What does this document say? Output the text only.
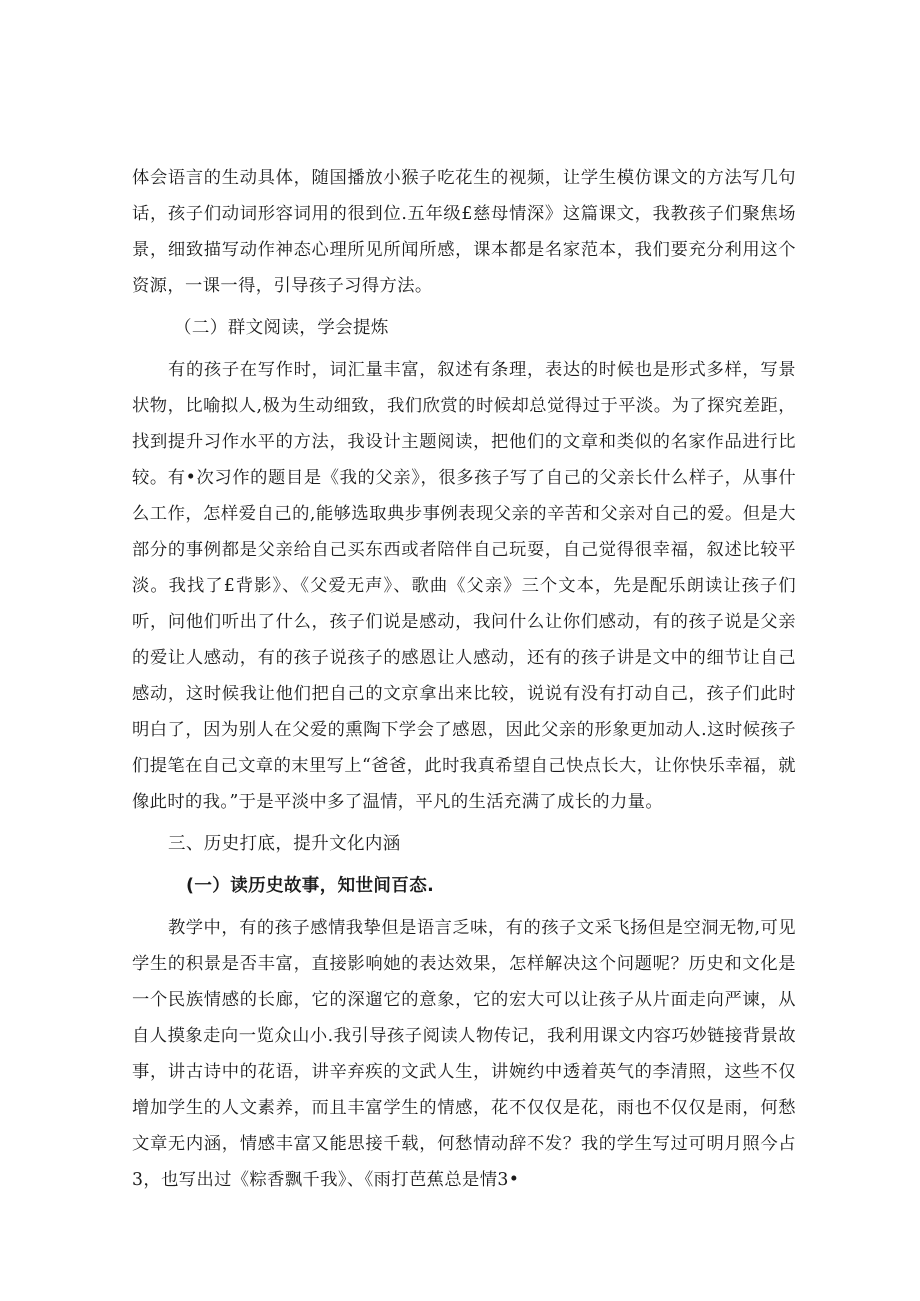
体会语言的生动具体，随国播放小猴子吃花生的视频，让学生模仿课文的方法写几句话，孩子们动词形容词用的很到位.五年级£慈母情深》这篇课文，我教孩子们聚焦场景，细致描写动作神态心理所见所闻所感，课本都是名家范本，我们要充分利用这个资源，一课一得，引导孩子习得方法。

（二）群文阅读，学会提炼

有的孩子在写作时，词汇量丰富，叙述有条理，表达的时候也是形式多样，写景状物，比喻拟人,极为生动细致，我们欣赏的时候却总觉得过于平淡。为了探究差距，找到提升习作水平的方法，我设计主题阅读，把他们的文章和类似的名家作品进行比较。有•次习作的题目是《我的父亲》，很多孩子写了自己的父亲长什么样子，从事什么工作，怎样爱自己的,能够选取典步事例表现父亲的辛苦和父亲对自己的爱。但是大部分的事例都是父亲给自己买东西或者陪伴自己玩耍，自己觉得很幸福，叙述比较平淡。我找了£背影》、《父爱无声》、歌曲《父亲》三个文本，先是配乐朗读让孩子们听，问他们听出了什么，孩子们说是感动，我问什么让你们感动，有的孩子说是父亲的爱让人感动，有的孩子说孩子的感恩让人感动，还有的孩子讲是文中的细节让自己感动，这时候我让他们把自己的文京拿出来比较，说说有没有打动自己，孩子们此时明白了，因为别人在父爱的熏陶下学会了感恩，因此父亲的形象更加动人.这时候孩子们提笔在自己文章的末里写上“爸爸，此时我真希望自己快点长大，让你快乐幸福，就像此时的我。”于是平淡中多了温情，平凡的生活充满了成长的力量。

三、历史打底，提升文化内涵

(一）读历史故事，知世间百态.

教学中，有的孩子感情我挚但是语言乏味，有的孩子文采飞扬但是空洞无物,可见学生的积景是否丰富，直接影响她的表达效果，怎样解决这个问题呢？历史和文化是一个民族情感的长廊，它的深遛它的意象，它的宏大可以让孩子从片面走向严谏，从自人摸象走向一览众山小.我引导孩子阅读人物传记，我利用课文内容巧妙链接背景故事，讲古诗中的花语，讲辛弃疾的文武人生，讲婉约中透着英气的李清照，这些不仅增加学生的人文素养，而且丰富学生的情感，花不仅仅是花，雨也不仅仅是雨，何愁文章无内涵，情感丰富又能思接千载，何愁情动辞不发？我的学生写过可明月照今占3，也写出过《粽香飘千我》、《雨打芭蕉总是情3•
